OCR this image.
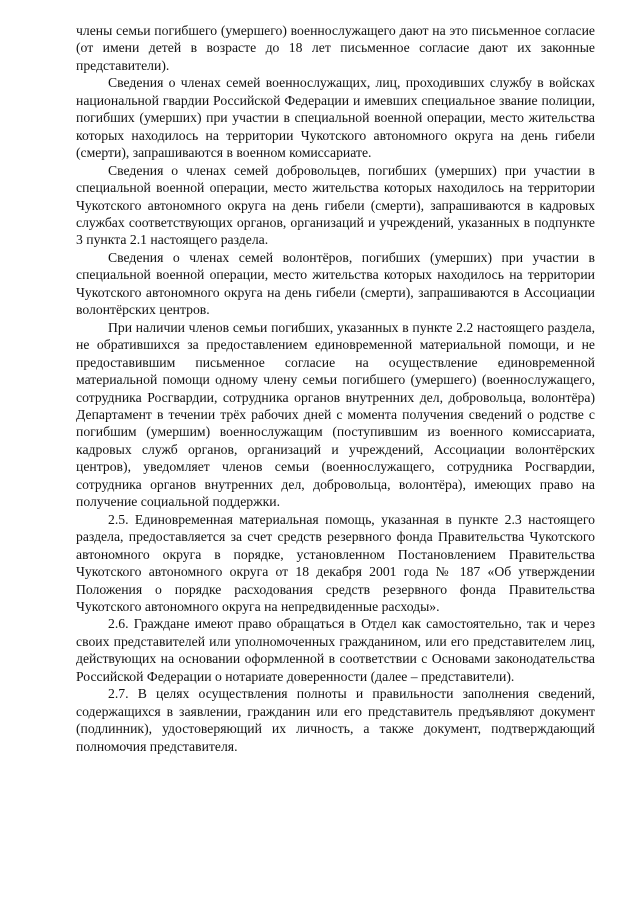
члены семьи погибшего (умершего) военнослужащего дают на это письменное согласие (от имени детей в возрасте до 18 лет письменное согласие дают их законные представители).

Сведения о членах семей военнослужащих, лиц, проходивших службу в войсках национальной гвардии Российской Федерации и имевших специальное звание полиции, погибших (умерших) при участии в специальной военной операции, место жительства которых находилось на территории Чукотского автономного округа на день гибели (смерти), запрашиваются в военном комиссариате.

Сведения о членах семей добровольцев, погибших (умерших) при участии в специальной военной операции, место жительства которых находилось на территории Чукотского автономного округа на день гибели (смерти), запрашиваются в кадровых службах соответствующих органов, организаций и учреждений, указанных в подпункте 3 пункта 2.1 настоящего раздела.

Сведения о членах семей волонтёров, погибших (умерших) при участии в специальной военной операции, место жительства которых находилось на территории Чукотского автономного округа на день гибели (смерти), запрашиваются в Ассоциации волонтёрских центров.

При наличии членов семьи погибших, указанных в пункте 2.2 настоящего раздела, не обратившихся за предоставлением единовременной материальной помощи, и не предоставившим письменное согласие на осуществление единовременной материальной помощи одному члену семьи погибшего (умершего) (военнослужащего, сотрудника Росгвардии, сотрудника органов внутренних дел, добровольца, волонтёра) Департамент в течении трёх рабочих дней с момента получения сведений о родстве с погибшим (умершим) военнослужащим (поступившим из военного комиссариата, кадровых служб органов, организаций и учреждений, Ассоциации волонтёрских центров), уведомляет членов семьи (военнослужащего, сотрудника Росгвардии, сотрудника органов внутренних дел, добровольца, волонтёра), имеющих право на получение социальной поддержки.

2.5. Единовременная материальная помощь, указанная в пункте 2.3 настоящего раздела, предоставляется за счет средств резервного фонда Правительства Чукотского автономного округа в порядке, установленном Постановлением Правительства Чукотского автономного округа от 18 декабря 2001 года № 187 «Об утверждении Положения о порядке расходования средств резервного фонда Правительства Чукотского автономного округа на непредвиденные расходы».

2.6. Граждане имеют право обращаться в Отдел как самостоятельно, так и через своих представителей или уполномоченных гражданином, или его представителем лиц, действующих на основании оформленной в соответствии с Основами законодательства Российской Федерации о нотариате доверенности (далее – представители).

2.7. В целях осуществления полноты и правильности заполнения сведений, содержащихся в заявлении, гражданин или его представитель предъявляют документ (подлинник), удостоверяющий их личность, а также документ, подтверждающий полномочия представителя.
